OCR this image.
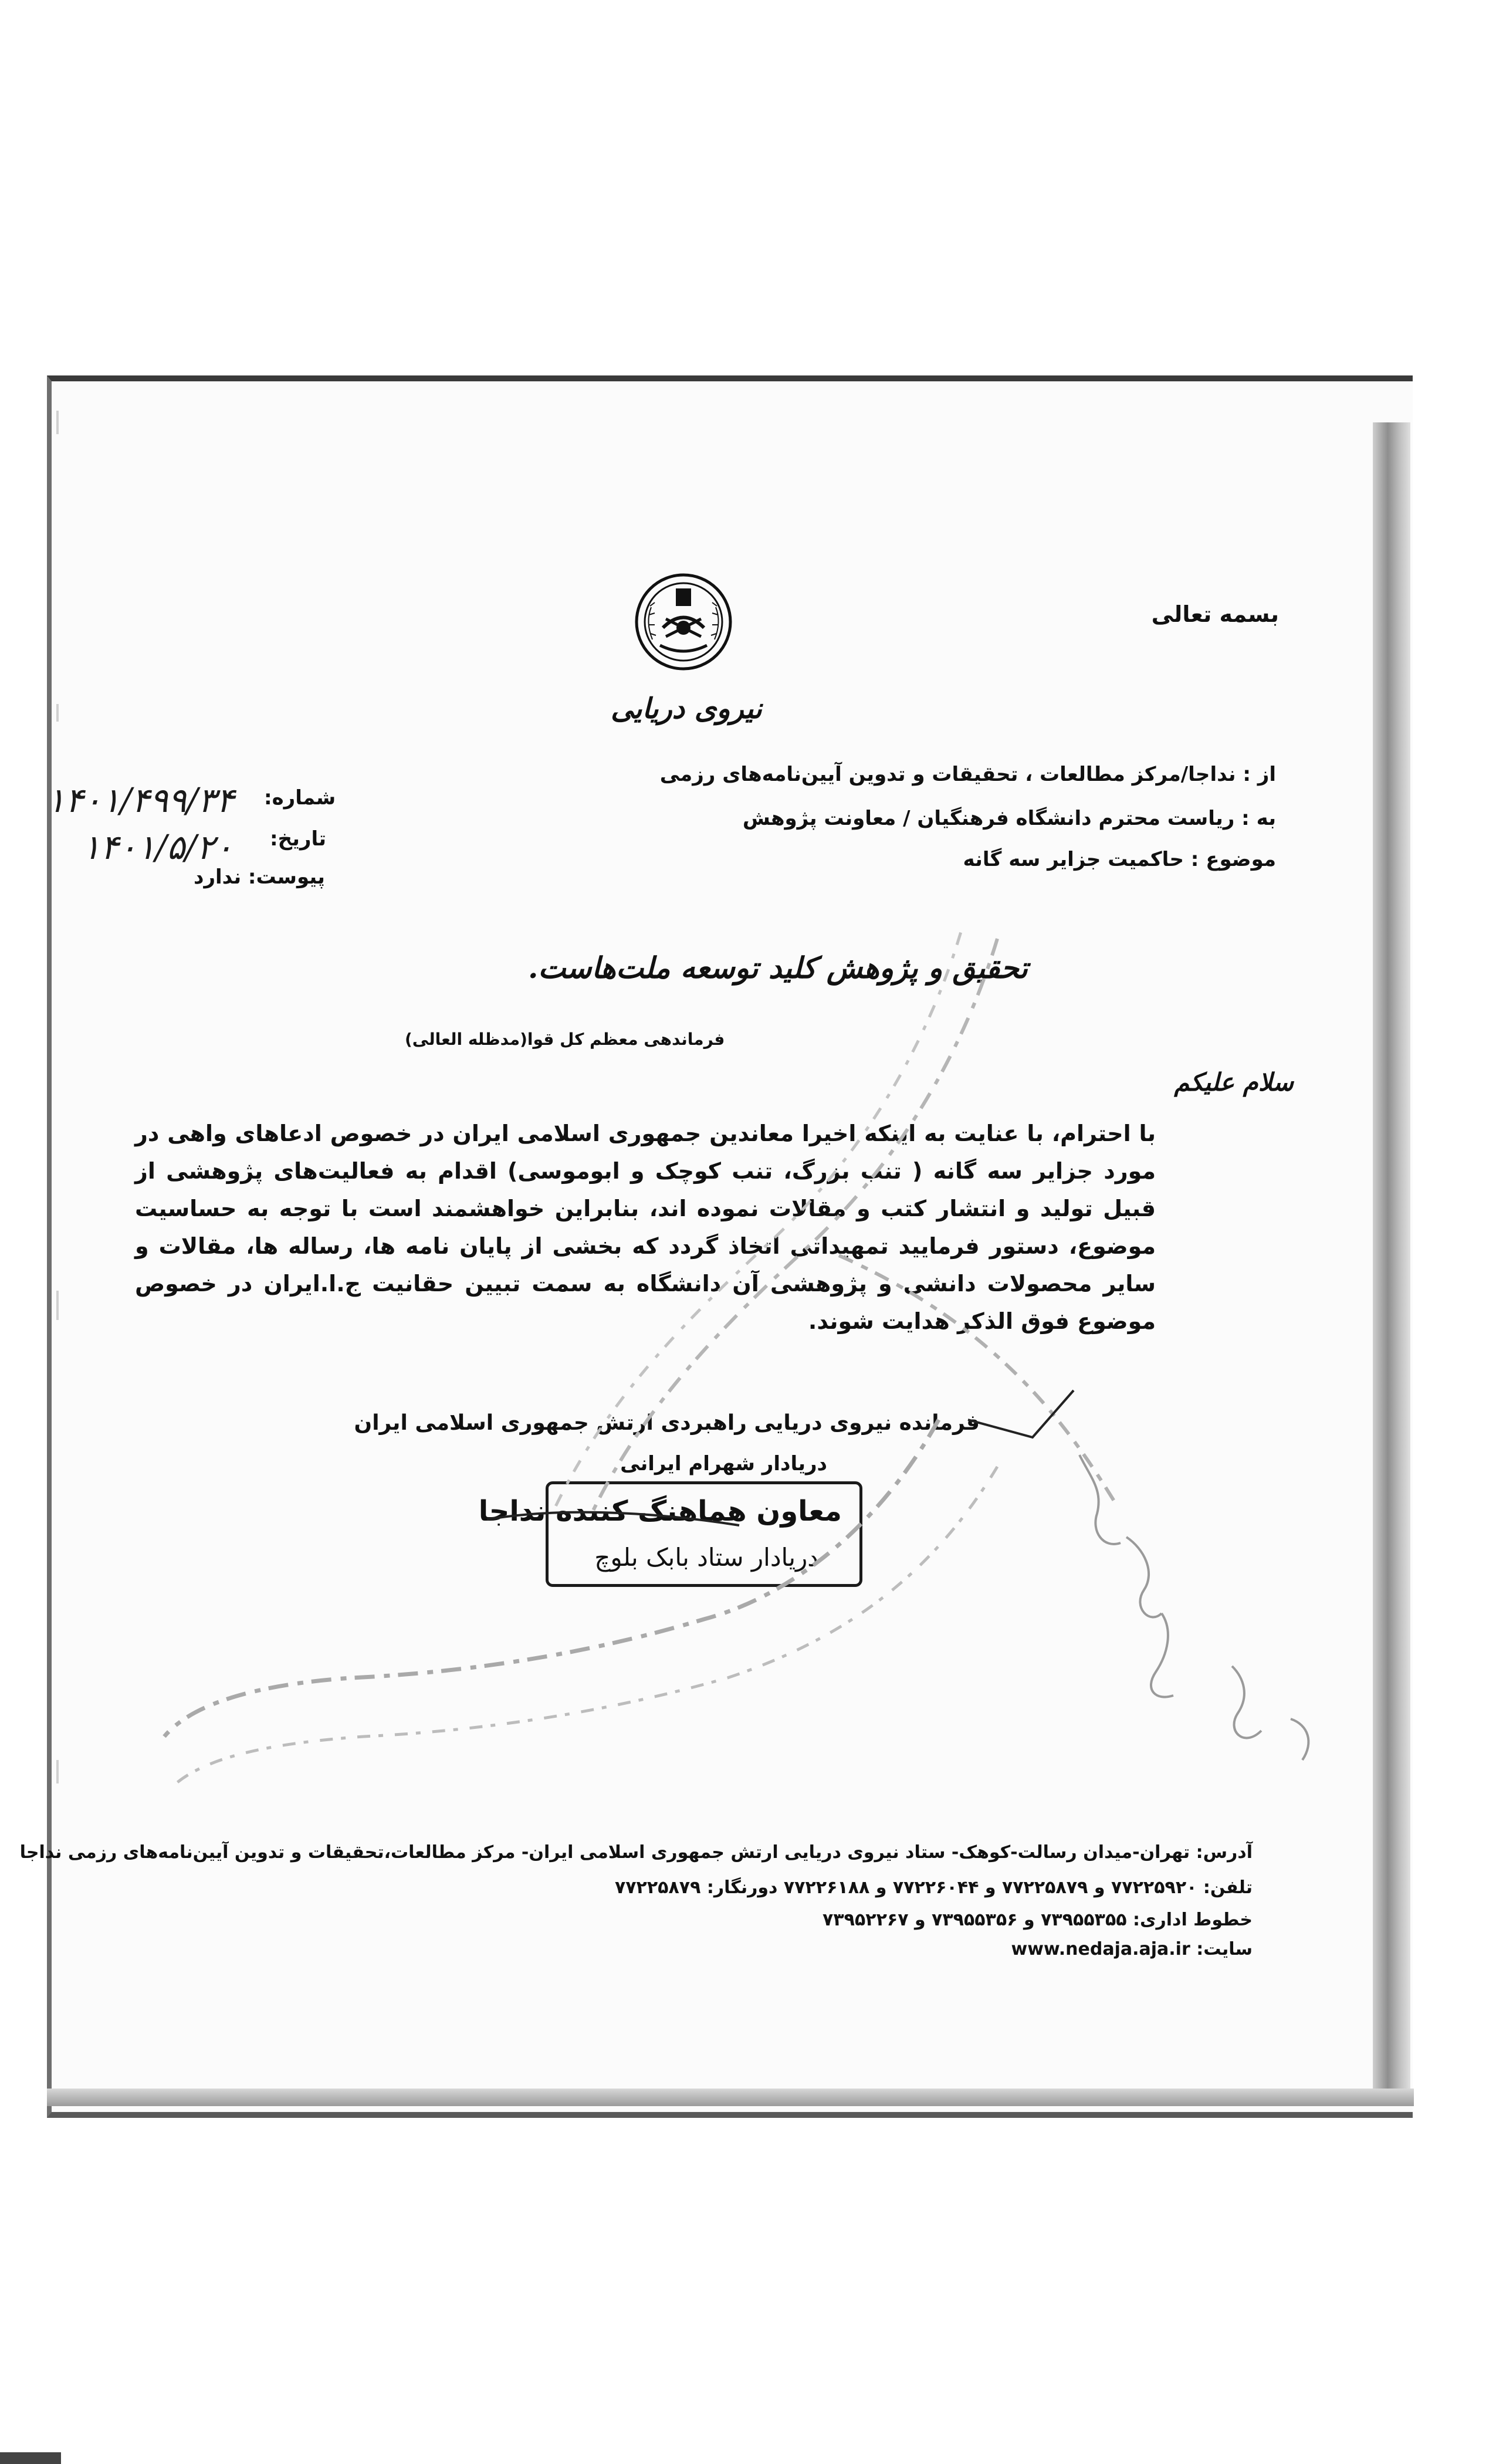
بسمه تعالی
نیروی دریایی
از : نداجا/مرکز مطالعات ، تحقیقات و تدوین آیین‌نامه‌های رزمی
به : ریاست محترم دانشگاه فرهنگیان / معاونت پژوهش
موضوع : حاکمیت جزایر سه گانه
شماره:
تاریخ:
پیوست: ندارد
۱۴۰۱/۴۹۹/۳۴
۱۴۰۱/۵/۲۰
تحقیق و پژوهش کلید توسعه ملت‌هاست.
فرماندهی معظم کل قوا(مدظله العالی)
سلام علیکم
با احترام، با عنایت به اینکه اخیرا معاندین جمهوری اسلامی ایران در خصوص ادعاهای واهی در مورد جزایر سه گانه ( تنب بزرگ، تنب کوچک و ابوموسی) اقدام به فعالیت‌های پژوهشی از قبیل تولید و انتشار کتب و مقالات نموده اند، بنابراین خواهشمند است با توجه به حساسیت موضوع، دستور فرمایید تمهیداتی اتخاذ گردد که بخشی از پایان نامه ها، رساله ها، مقالات و سایر محصولات دانشی و پژوهشی آن دانشگاه به سمت تبیین حقانیت ج.ا.ایران در خصوص موضوع فوق الذکر هدایت شوند.
فرمانده نیروی دریایی راهبردی ارتش جمهوری اسلامی ایران
دریادار شهرام ایرانی
معاون هماهنگ کننده نداجا
دریادار ستاد بابک بلوچ
آدرس: تهران-میدان رسالت-کوهک- ستاد نیروی دریایی ارتش جمهوری اسلامی ایران- مرکز مطالعات،تحقیقات و تدوین آیین‌نامه‌های رزمی نداجا
تلفن: ۷۷۲۲۵۹۲۰ و ۷۷۲۲۵۸۷۹ و ۷۷۲۲۶۰۴۴ و ۷۷۲۲۶۱۸۸ دورنگار: ۷۷۲۲۵۸۷۹
خطوط اداری: ۷۳۹۵۵۳۵۵ و ۷۳۹۵۵۳۵۶ و ۷۳۹۵۲۲۶۷
سایت: www.nedaja.aja.ir
